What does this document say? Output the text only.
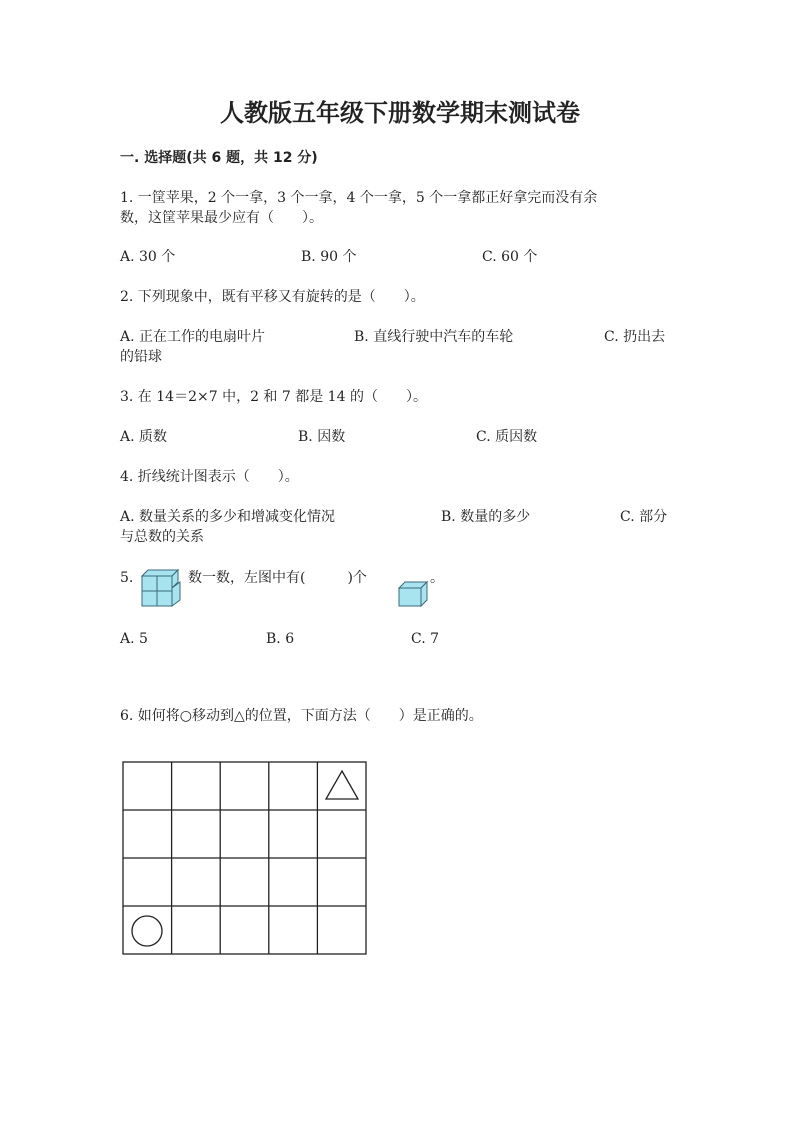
人教版五年级下册数学期末测试卷
一. 选择题(共 6 题，共 12 分)
1. 一筐苹果，2 个一拿，3 个一拿，4 个一拿，5 个一拿都正好拿完而没有余
数，这筐苹果最少应有（　　）。
A. 30 个	B. 90 个	C. 60 个
2. 下列现象中，既有平移又有旋转的是（　　）。
A. 正在工作的电扇叶片	B. 直线行驶中汽车的车轮	C. 扔出去
的铅球
3. 在 14＝2×7 中，2 和 7 都是 14 的（　　）。
A. 质数	B. 因数	C. 质因数
4. 折线统计图表示（　　）。
A. 数量关系的多少和增减变化情况	B. 数量的多少	C. 部分
与总数的关系
5.	数一数，左图中有(　　　)个	。
A. 5	B. 6	C. 7
6. 如何将○移动到△的位置，下面方法（　　）是正确的。
